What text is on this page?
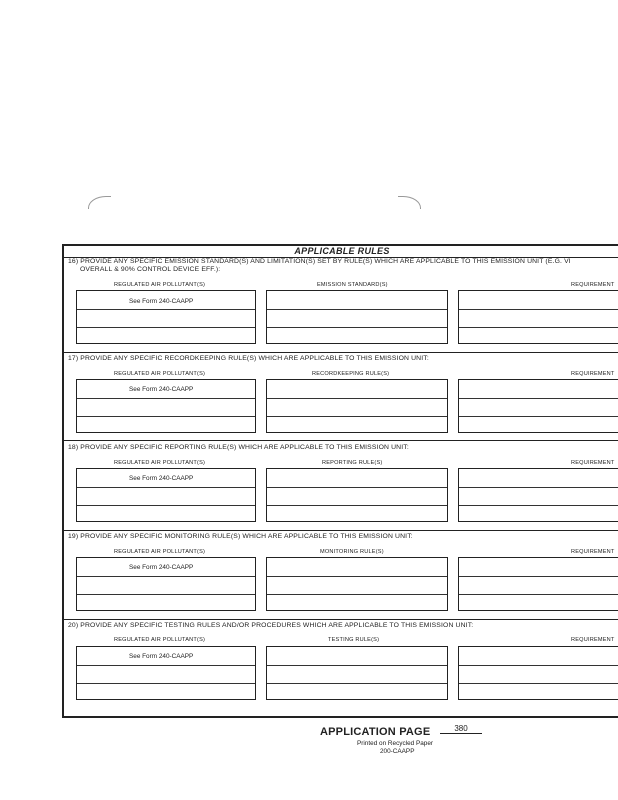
APPLICABLE RULES
16) PROVIDE ANY SPECIFIC EMISSION STANDARD(S) AND LIMITATION(S) SET BY RULE(S) WHICH ARE APPLICABLE TO THIS EMISSION UNIT (E.G. VI
OVERALL & 90% CONTROL DEVICE EFF.):
REGULATED AIR POLLUTANT(S)	EMISSION STANDARD(S)	REQUIREMENT
See Form 240-CAAPP
17) PROVIDE ANY SPECIFIC RECORDKEEPING RULE(S) WHICH ARE APPLICABLE TO THIS EMISSION UNIT:
REGULATED AIR POLLUTANT(S)	RECORDKEEPING RULE(S)	REQUIREMENT
See Form 240-CAAPP
18) PROVIDE ANY SPECIFIC REPORTING RULE(S) WHICH ARE APPLICABLE TO THIS EMISSION UNIT:
REGULATED AIR POLLUTANT(S)	REPORTING RULE(S)	REQUIREMENT
See Form 240-CAAPP
19) PROVIDE ANY SPECIFIC MONITORING RULE(S) WHICH ARE APPLICABLE TO THIS EMISSION UNIT:
REGULATED AIR POLLUTANT(S)	MONITORING RULE(S)	REQUIREMENT
See Form 240-CAAPP
20) PROVIDE ANY SPECIFIC TESTING RULES AND/OR PROCEDURES WHICH ARE APPLICABLE TO THIS EMISSION UNIT:
REGULATED AIR POLLUTANT(S)	TESTING RULE(S)	REQUIREMENT
See Form 240-CAAPP
APPLICATION PAGE	380
Printed on Recycled Paper
200-CAAPP
